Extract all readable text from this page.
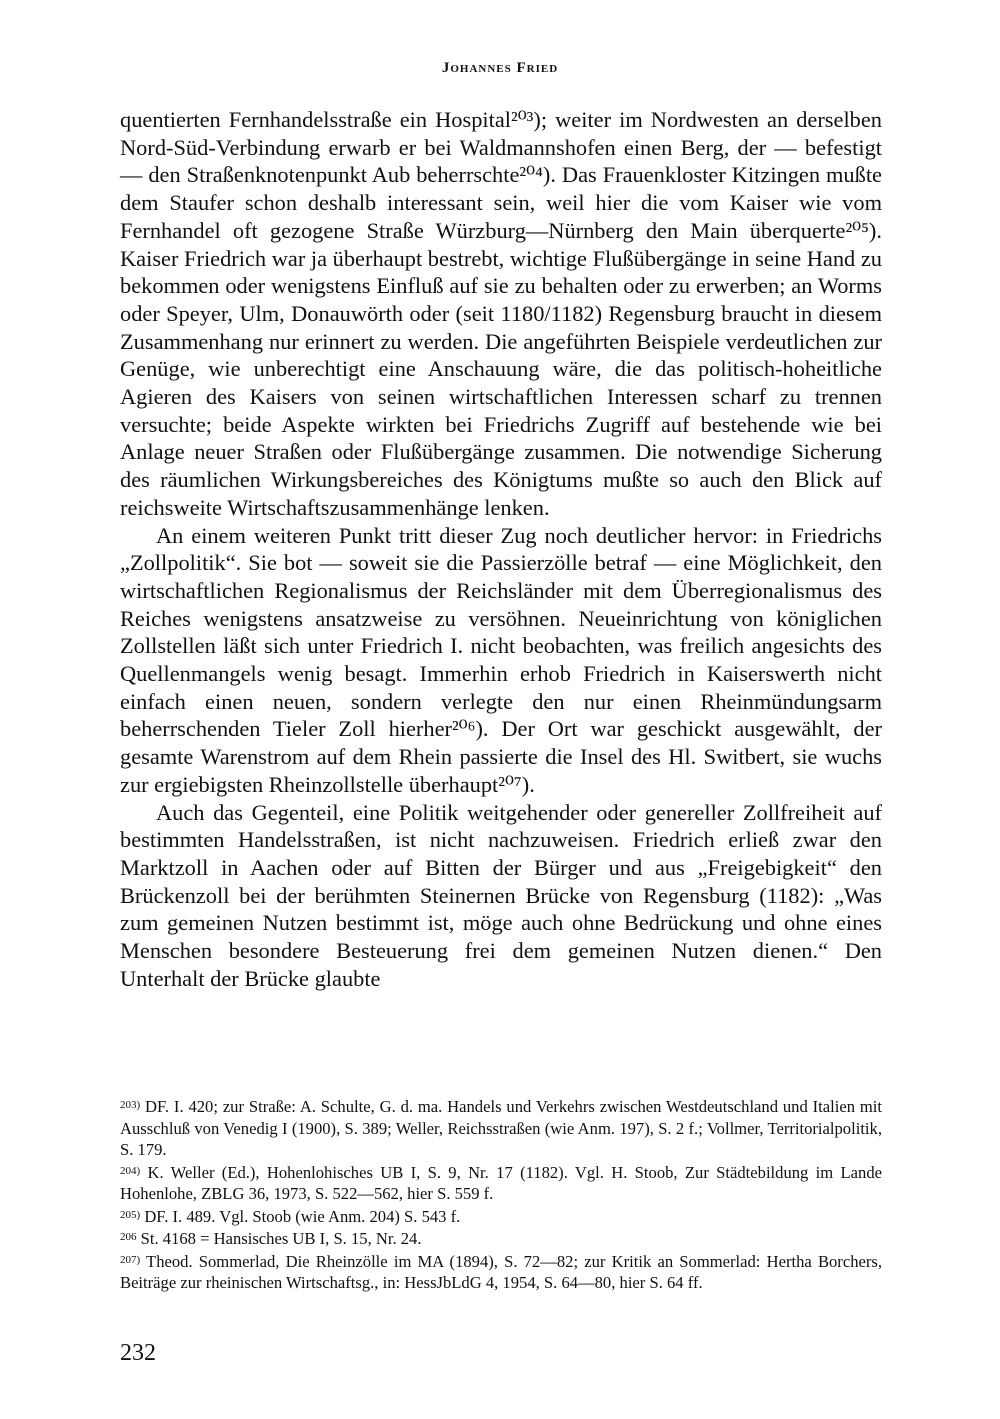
Johannes Fried

quentierten Fernhandelsstraße ein Hospital²⁰³); weiter im Nordwesten an derselben Nord-Süd-Verbindung erwarb er bei Waldmannshofen einen Berg, der — befestigt — den Straßenknotenpunkt Aub beherrschte²⁰⁴). Das Frauenkloster Kitzingen mußte dem Staufer schon deshalb interessant sein, weil hier die vom Kaiser wie vom Fernhandel oft gezogene Straße Würzburg—Nürnberg den Main überquerte²⁰⁵). Kaiser Friedrich war ja überhaupt bestrebt, wichtige Flußübergänge in seine Hand zu bekommen oder wenigstens Einfluß auf sie zu behalten oder zu erwerben; an Worms oder Speyer, Ulm, Donauwörth oder (seit 1180/1182) Regensburg braucht in diesem Zusammenhang nur erinnert zu werden. Die angeführten Beispiele verdeutlichen zur Genüge, wie unberechtigt eine Anschauung wäre, die das politisch-hoheitliche Agieren des Kaisers von seinen wirtschaftlichen Interessen scharf zu trennen versuchte; beide Aspekte wirkten bei Friedrichs Zugriff auf bestehende wie bei Anlage neuer Straßen oder Flußübergänge zusammen. Die notwendige Sicherung des räumlichen Wirkungsbereiches des Königtums mußte so auch den Blick auf reichsweite Wirtschaftszusammenhänge lenken.

An einem weiteren Punkt tritt dieser Zug noch deutlicher hervor: in Friedrichs „Zollpolitik“. Sie bot — soweit sie die Passierzölle betraf — eine Möglichkeit, den wirtschaftlichen Regionalismus der Reichsländer mit dem Überregionalismus des Reiches wenigstens ansatzweise zu versöhnen. Neueinrichtung von königlichen Zollstellen läßt sich unter Friedrich I. nicht beobachten, was freilich angesichts des Quellenmangels wenig besagt. Immerhin erhob Friedrich in Kaiserswerth nicht einfach einen neuen, sondern verlegte den nur einen Rheinmündungsarm beherrschenden Tieler Zoll hierher²⁰⁶). Der Ort war geschickt ausgewählt, der gesamte Warenstrom auf dem Rhein passierte die Insel des Hl. Switbert, sie wuchs zur ergiebigsten Rheinzollstelle überhaupt²⁰⁷).

Auch das Gegenteil, eine Politik weitgehender oder genereller Zollfreiheit auf bestimmten Handelsstraßen, ist nicht nachzuweisen. Friedrich erließ zwar den Marktzoll in Aachen oder auf Bitten der Bürger und aus „Freigebigkeit“ den Brückenzoll bei der berühmten Steinernen Brücke von Regensburg (1182): „Was zum gemeinen Nutzen bestimmt ist, möge auch ohne Bedrückung und ohne eines Menschen besondere Besteuerung frei dem gemeinen Nutzen dienen.“ Den Unterhalt der Brücke glaubte

$^{203)}$ DF. I. 420; zur Straße: A. Schulte, G. d. ma. Handels und Verkehrs zwischen Westdeutschland und Italien mit Ausschluß von Venedig I (1900), S. 389; Weller, Reichsstraßen (wie Anm. 197), S. 2 f.; Vollmer, Territorialpolitik, S. 179.

$^{204)}$ K. Weller (Ed.), Hohenlohisches UB I, S. 9, Nr. 17 (1182). Vgl. H. Stoob, Zur Städtebildung im Lande Hohenlohe, ZBLG 36, 1973, S. 522—562, hier S. 559 f.

$^{205)}$ DF. I. 489. Vgl. Stoob (wie Anm. 204) S. 543 f.

$^{206}$ St. 4168 = Hansisches UB I, S. 15, Nr. 24.

$^{207)}$ Theod. Sommerlad, Die Rheinzölle im MA (1894), S. 72—82; zur Kritik an Sommerlad: Hertha Borchers, Beiträge zur rheinischen Wirtschaftsg., in: HessJbLdG 4, 1954, S. 64—80, hier S. 64 ff.

232
